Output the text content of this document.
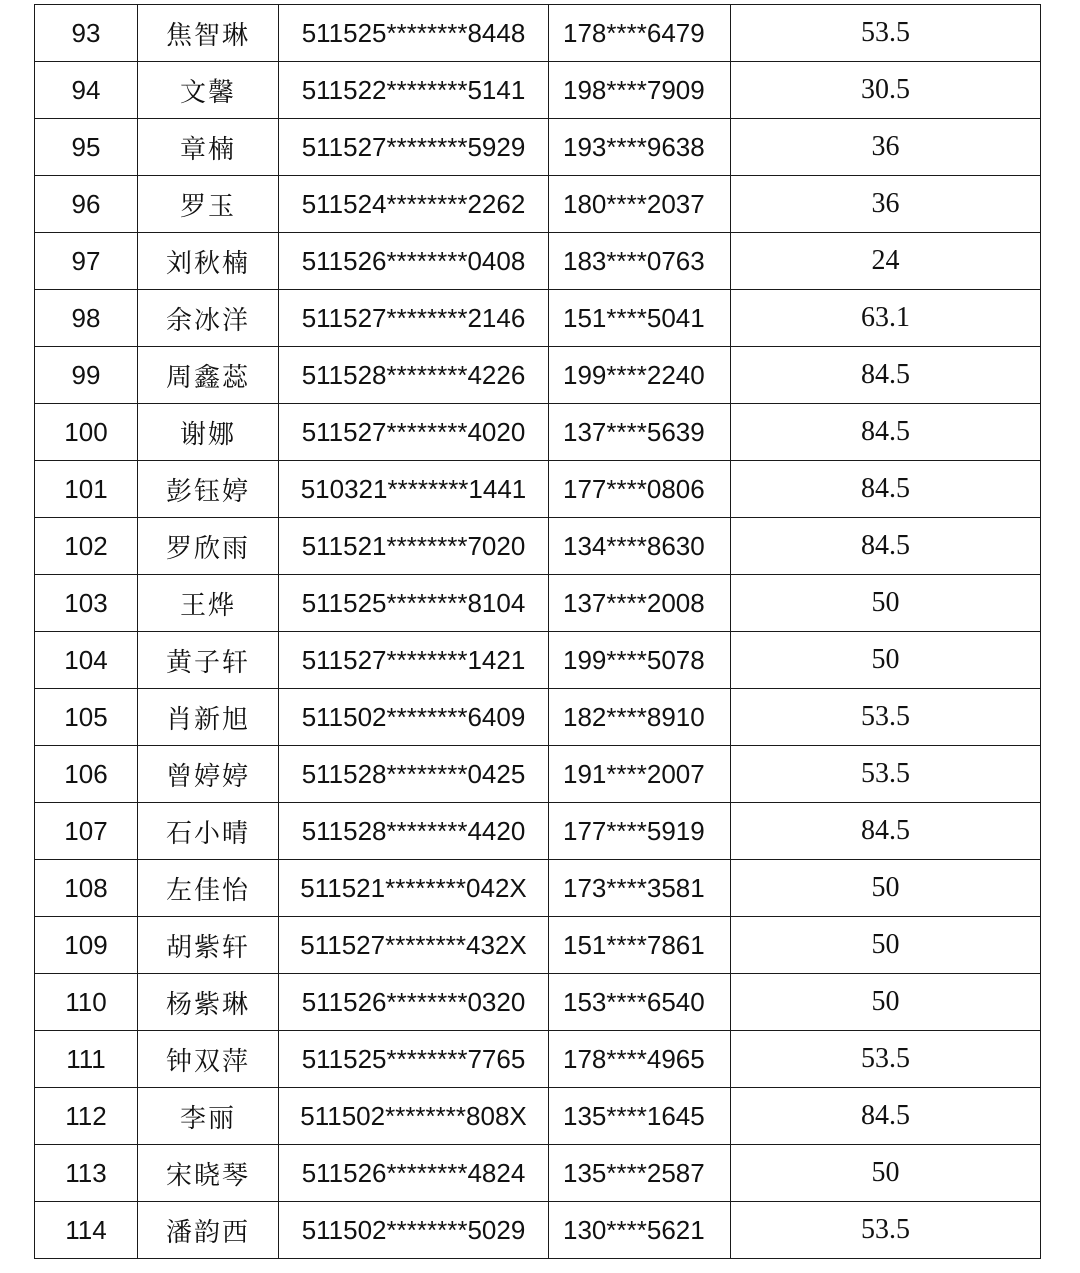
93	焦智琳	511525********8448	178****6479	53.5
94	文馨	511522********5141	198****7909	30.5
95	章楠	511527********5929	193****9638	36
96	罗玉	511524********2262	180****2037	36
97	刘秋楠	511526********0408	183****0763	24
98	余冰洋	511527********2146	151****5041	63.1
99	周鑫蕊	511528********4226	199****2240	84.5
100	谢娜	511527********4020	137****5639	84.5
101	彭钰婷	510321********1441	177****0806	84.5
102	罗欣雨	511521********7020	134****8630	84.5
103	王烨	511525********8104	137****2008	50
104	黄子轩	511527********1421	199****5078	50
105	肖新旭	511502********6409	182****8910	53.5
106	曾婷婷	511528********0425	191****2007	53.5
107	石小晴	511528********4420	177****5919	84.5
108	左佳怡	511521********042X	173****3581	50
109	胡紫轩	511527********432X	151****7861	50
110	杨紫琳	511526********0320	153****6540	50
111	钟双萍	511525********7765	178****4965	53.5
112	李丽	511502********808X	135****1645	84.5
113	宋晓琴	511526********4824	135****2587	50
114	潘韵西	511502********5029	130****5621	53.5
